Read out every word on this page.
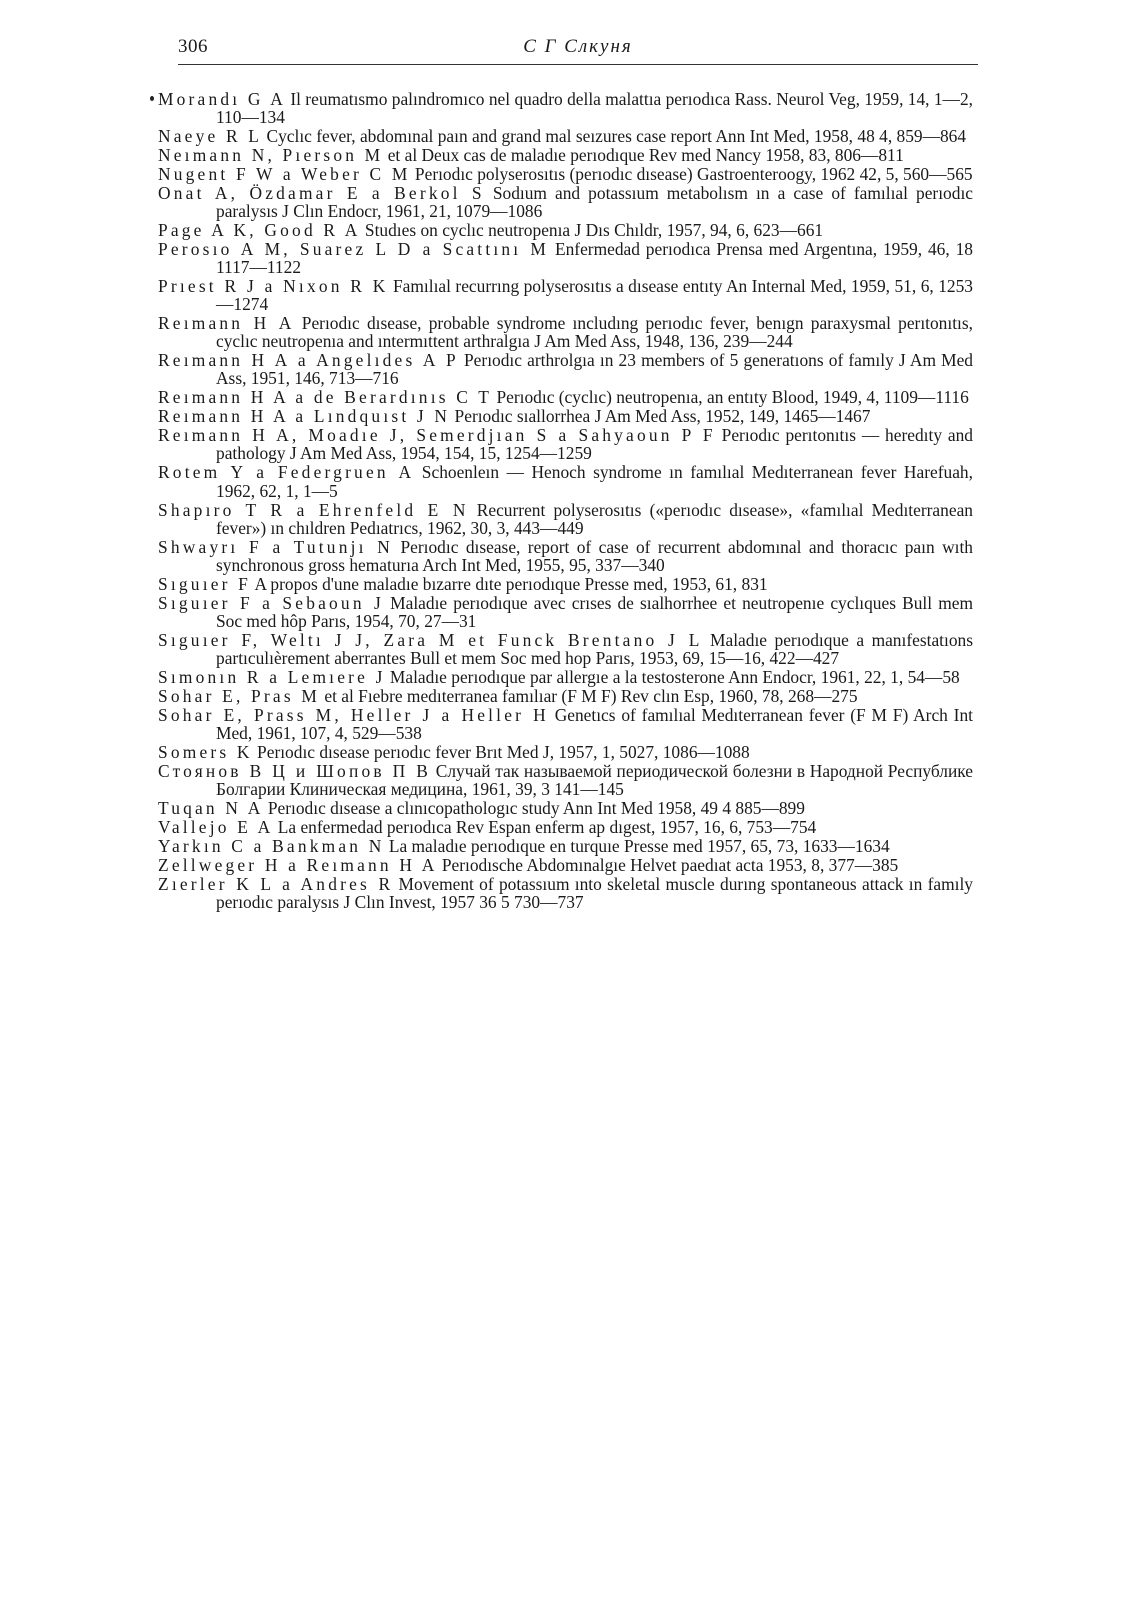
306	С Г Слкуня

Morandı G A Il reumatısmo palındromıco nel quadro della malattıa perıodıca Rass. Neurol Veg, 1959, 14, 1—2, 110—134

Naeye R L Cyclıc fever, abdomınal paın and grand mal seızures case report Ann Int Med, 1958, 48 4, 859—864

Neımann N, Pıerson M et al Deux cas de maladıe perıodıque Rev med Nancy 1958, 83, 806—811

Nugent F W a Weber C M Perıodıc polyserosıtıs (perıodıc dısease) Gastroenteroogy, 1962 42, 5, 560—565

Onat A, Özdamar E a Berkol S Sodıum and potassıum metabolısm ın a case of famılıal perıodıc paralysıs J Clın Endocr, 1961, 21, 1079—1086

Page A K, Good R A Studıes on cyclıc neutropenıa J Dıs Chıldr, 1957, 94, 6, 623—661

Perosıo A M, Suarez L D a Scattını M Enfermedad perıodıca Prensa med Argentına, 1959, 46, 18 1117—1122

Prıest R J a Nıxon R K Famılıal recurrıng polyserosıtıs a dısease entıty An Internal Med, 1959, 51, 6, 1253—1274

Reımann H A Perıodıc dısease, probable syndrome ıncludıng perıodıc fever, benıgn paraxysmal perıtonıtıs, cyclıc neutropenıa and ıntermıttent arthralgıa J Am Med Ass, 1948, 136, 239—244

Reımann H A a Angelıdes A P Perıodıc arthrolgıa ın 23 members of 5 generatıons of famıly J Am Med Ass, 1951, 146, 713—716

Reımann H A a de Berardınıs C T Perıodıc (cyclıc) neutropenıa, an entıty Blood, 1949, 4, 1109—1116

Reımann H A a Lındquıst J N Perıodıc sıallorrhea J Am Med Ass, 1952, 149, 1465—1467

Reımann H A, Moadıe J, Semerdjıan S a Sahyaoun P F Perıodıc perıtonıtıs — heredıty and pathology J Am Med Ass, 1954, 154, 15, 1254—1259

Rotem Y a Federgruen A Schoenleın — Henoch syndrome ın famılıal Medıterranean fever Harefuah, 1962, 62, 1, 1—5

Shapıro T R a Ehrenfeld E N Recurrent polyserosıtıs («perıodıc dısease», «famılıal Medıterranean fever») ın chıldren Pedıatrıcs, 1962, 30, 3, 443—449

Shwayrı F a Tutunjı N Perıodıc dısease, report of case of recurrent abdomınal and thoracıc paın wıth synchronous gross hematurıa Arch Int Med, 1955, 95, 337—340

Sıguıer F A propos d'une maladıe bızarre dıte perıodıque Presse med, 1953, 61, 831

Sıguıer F a Sebaoun J Maladıe perıodıque avec crıses de sıalhorrhee et neutropenıe cyclıques Bull mem Soc med hôp Parıs, 1954, 70, 27—31

Sıguıer F, Weltı J J, Zara M et Funck Brentano J L Maladıe perıodıque a manıfestatıons partıculıèrement aberrantes Bull et mem Soc med hop Parıs, 1953, 69, 15—16, 422—427

Sımonın R a Lemıere J Maladıe perıodıque par allergıe a la testosterone Ann Endocr, 1961, 22, 1, 54—58

Sohar E, Pras M et al Fıebre medıterranea famılıar (F M F) Rev clın Esp, 1960, 78, 268—275

Sohar E, Prass M, Heller J a Heller H Genetıcs of famılıal Medıterranean fever (F M F) Arch Int Med, 1961, 107, 4, 529—538

Somers K Perıodıc dısease perıodıc fever Brıt Med J, 1957, 1, 5027, 1086—1088

Стоянов В Ц и Шопов П В Случай так называемой периодической болезни в Народной Республике Болгарии Клиническая медицина, 1961, 39, 3 141—145

Tuqan N A Perıodıc dısease a clınıcopathologıc study Ann Int Med 1958, 49 4 885—899

Vallejo E A La enfermedad perıodıca Rev Espan enferm ap dıgest, 1957, 16, 6, 753—754

Yarkın C a Bankman N La maladıe perıodıque en turquıe Presse med 1957, 65, 73, 1633—1634

Zellweger H a Reımann H A Perıodısche Abdomınalgıe Helvet paedıat acta 1953, 8, 377—385

Zıerler K L a Andres R Movement of potassıum ınto skeletal muscle durıng spontaneous attack ın famıly perıodıc paralysıs J Clın Invest, 1957 36 5 730—737
